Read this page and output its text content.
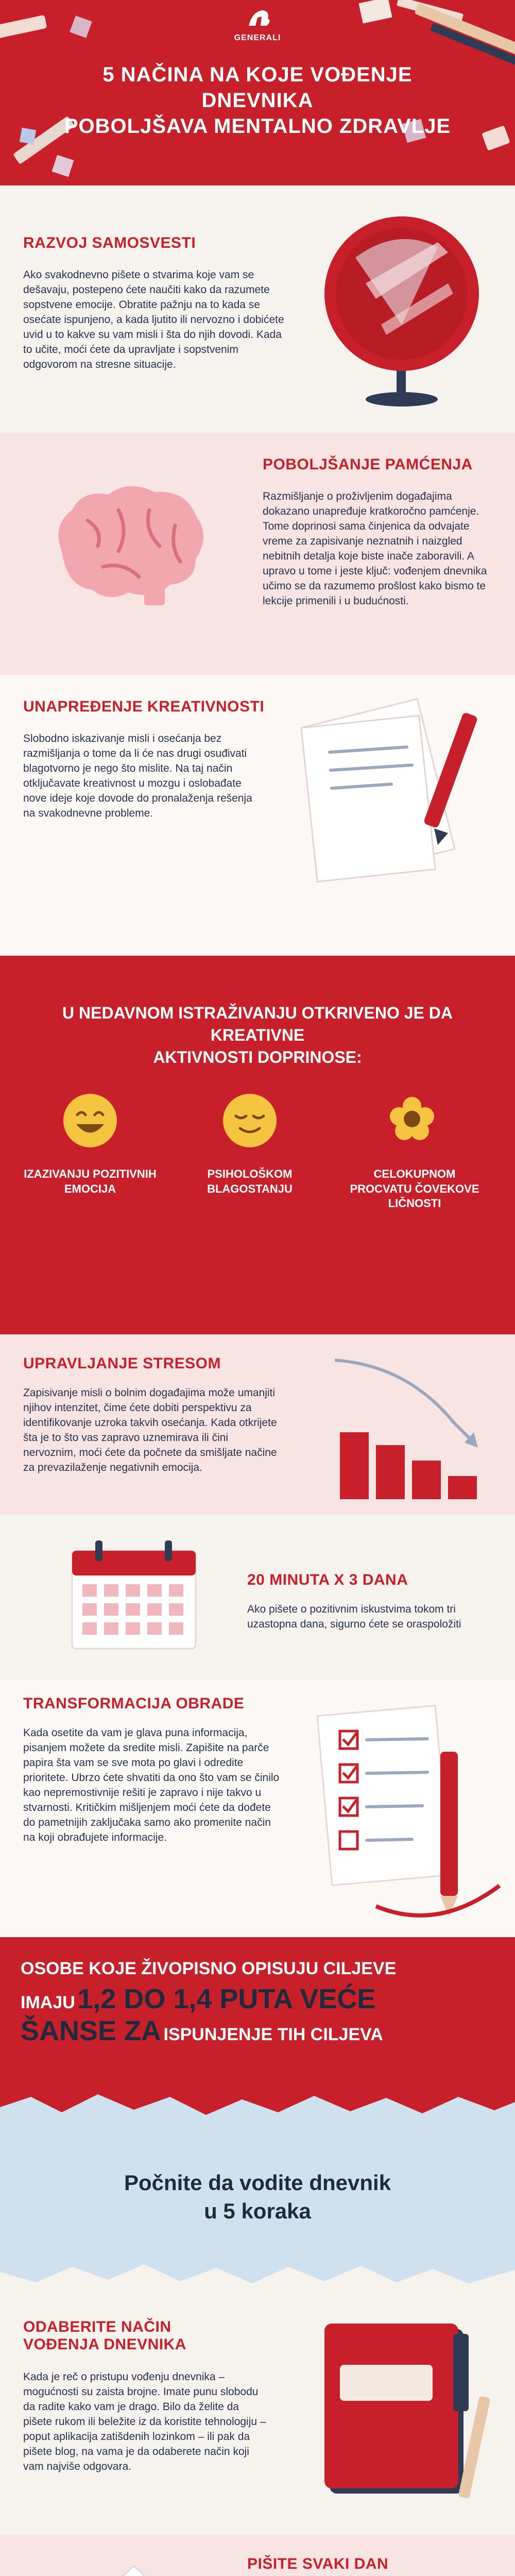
GENERALI
5 NAČINA NA KOJE VOĐENJE DNEVNIKA
POBOLJŠAVA MENTALNO ZDRAVLJE
RAZVOJ SAMOSVESTI
Ako svakodnevno pišete o stvarima koje vam se dešavaju, postepeno ćete naučiti kako da razumete sopstvene emocije. Obratite pažnju na to kada se osećate ispunjeno, a kada ljutito ili nervozno i dobićete uvid u to kakve su vam misli i šta do njih dovodi. Kada to učite, moći ćete da upravljate i sopstvenim odgovorom na stresne situacije.
POBOLJŠANJE PAMĆENJA
Razmišljanje o proživljenim događajima dokazano unapređuje kratkoročno pamćenje. Tome doprinosi sama činjenica da odvajate vreme za zapisivanje neznatnih i naizgled nebitnih detalja koje biste inače zaboravili. A upravo u tome i jeste ključ: vođenjem dnevnika učimo se da razumemo prošlost kako bismo te lekcije primenili i u budućnosti.
UNAPREĐENJE KREATIVNOSTI
Slobodno iskazivanje misli i osećanja bez razmišljanja o tome da li će nas drugi osuđivati blagotvorno je nego što mislite. Na taj način otključavate kreativnost u mozgu i oslobađate nove ideje koje dovode do pronalaženja rešenja na svakodnevne probleme.
U NEDAVNOM ISTRAŽIVANJU OTKRIVENO JE DA KREATIVNE
AKTIVNOSTI DOPRINOSE:
IZAZIVANJU POZITIVNIH
EMOCIJA
PSIHOLOŠKOM
BLAGOSTANJU
CELOKUPNOM
PROCVATU ČOVEKOVE
LIČNOSTI
UPRAVLJANJE STRESOM
Zapisivanje misli o bolnim događajima može umanjiti njihov intenzitet, čime ćete dobiti perspektivu za identifikovanje uzroka takvih osećanja. Kada otkrijete šta je to što vas zapravo uznemirava ili čini nervoznim, moći ćete da počnete da smišljate načine za prevazilaženje negativnih emocija.
20 MINUTA X 3 DANA
Ako pišete o pozitivnim iskustvima tokom tri uzastopna dana, sigurno ćete se oraspoložiti
TRANSFORMACIJA OBRADE
Kada osetite da vam je glava puna informacija, pisanjem možete da sredite misli. Zapišite na parče papira šta vam se sve mota po glavi i odredite prioritete. Ubrzo ćete shvatiti da ono što vam se činilo kao nepremostivnije rešiti je zapravo i nije takvo u stvarnosti. Kritičkim mišljenjem moći ćete da dođete do pametnijih zaključaka samo ako promenite način na koji obrađujete informacije.
OSOBE KOJE ŽIVOPISNO OPISUJU CILJEVE
IMAJU 1,2 DO 1,4 PUTA VEĆE
ŠANSE ZA ISPUNJENJE TIH CILJEVA
Počnite da vodite dnevnik
u 5 koraka
ODABERITE NAČIN
VOĐENJA DNEVNIKA
Kada je reč o pristupu vođenju dnevnika – mogućnosti su zaista brojne. Imate punu slobodu da radite kako vam je drago. Bilo da želite da pišete rukom ili beležite iz da koristite tehnologiju – poput aplikacija zatišdenih lozinkom – ili pak da pišete blog, na vama je da odaberete način koji vam najviše odgovara.
PIŠITE SVAKI DAN
